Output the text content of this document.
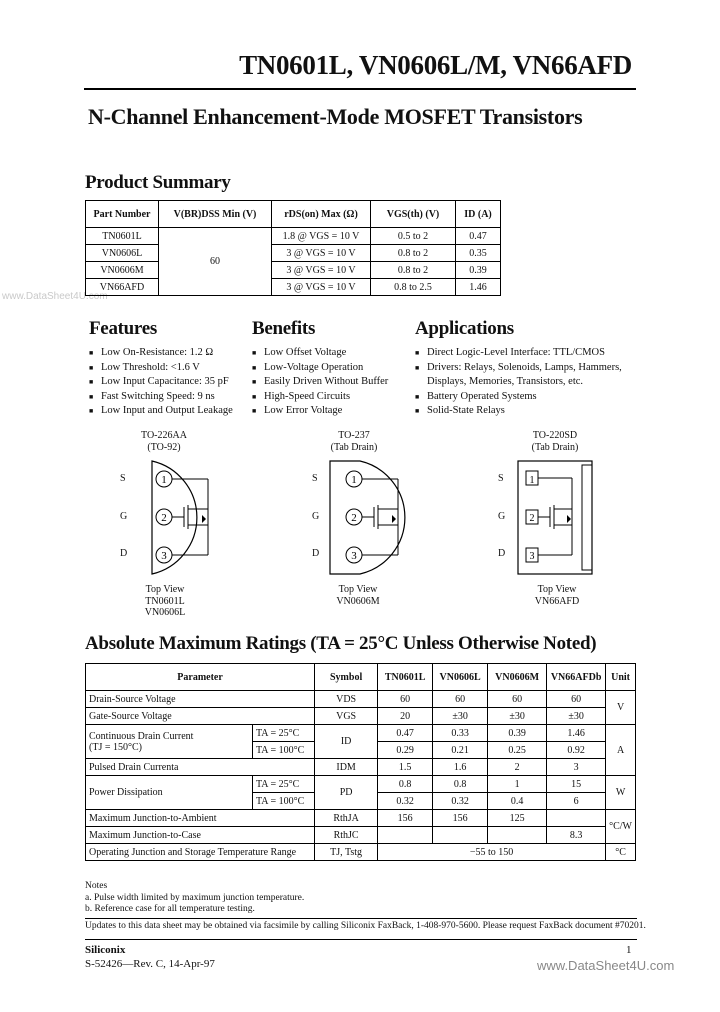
TN0601L, VN0606L/M, VN66AFD
N-Channel Enhancement-Mode MOSFET Transistors
Product Summary
www.DataSheet4U.com
Part Number	V(BR)DSS Min (V)	rDS(on) Max (Ω)	VGS(th) (V)	ID (A)
TN0601L	60	1.8 @ VGS = 10 V	0.5 to 2	0.47
VN0606L		3 @ VGS = 10 V	0.8 to 2	0.35
VN0606M		3 @ VGS = 10 V	0.8 to 2	0.39
VN66AFD		3 @ VGS = 10 V	0.8 to 2.5	1.46
Features
■ Low On-Resistance: 1.2 Ω
■ Low Threshold: <1.6 V
■ Low Input Capacitance: 35 pF
■ Fast Switching Speed: 9 ns
■ Low Input and Output Leakage
Benefits
■ Low Offset Voltage
■ Low-Voltage Operation
■ Easily Driven Without Buffer
■ High-Speed Circuits
■ Low Error Voltage
Applications
■ Direct Logic-Level Interface: TTL/CMOS
■ Drivers: Relays, Solenoids, Lamps, Hammers, Displays, Memories, Transistors, etc.
■ Battery Operated Systems
■ Solid-State Relays
TO-226AA
(TO-92)
S
G
D
1
2
3
Top View
TN0601L
VN0606L
TO-237
(Tab Drain)
S
G
D
1
2
3
Top View
VN0606M
TO-220SD
(Tab Drain)
S
G
D
1
2
3
Top View
VN66AFD
Absolute Maximum Ratings (TA = 25°C Unless Otherwise Noted)
Parameter		Symbol	TN0601L	VN0606L	VN0606M	VN66AFDb	Unit
Drain-Source Voltage		VDS	60	60	60	60	V
Gate-Source Voltage		VGS	20	±30	±30	±30	
Continuous Drain Current
(TJ = 150°C)	TA = 25°C	ID	0.47	0.33	0.39	1.46	A
	TA = 100°C		0.29	0.21	0.25	0.92	
Pulsed Drain Currenta		IDM	1.5	1.6	2	3	
Power Dissipation	TA = 25°C	PD	0.8	0.8	1	15	W
	TA = 100°C		0.32	0.32	0.4	6	
Maximum Junction-to-Ambient		RthJA	156	156	125		°C/W
Maximum Junction-to-Case		RthJC				8.3	
Operating Junction and Storage Temperature Range		TJ, Tstg	−55 to 150				°C
Notes
a. Pulse width limited by maximum junction temperature.
b. Reference case for all temperature testing.
Updates to this data sheet may be obtained via facsimile by calling Siliconix FaxBack, 1-408-970-5600. Please request FaxBack document #70201.
Siliconix
S-52426—Rev. C, 14-Apr-97
1
www.DataSheet4U.com
